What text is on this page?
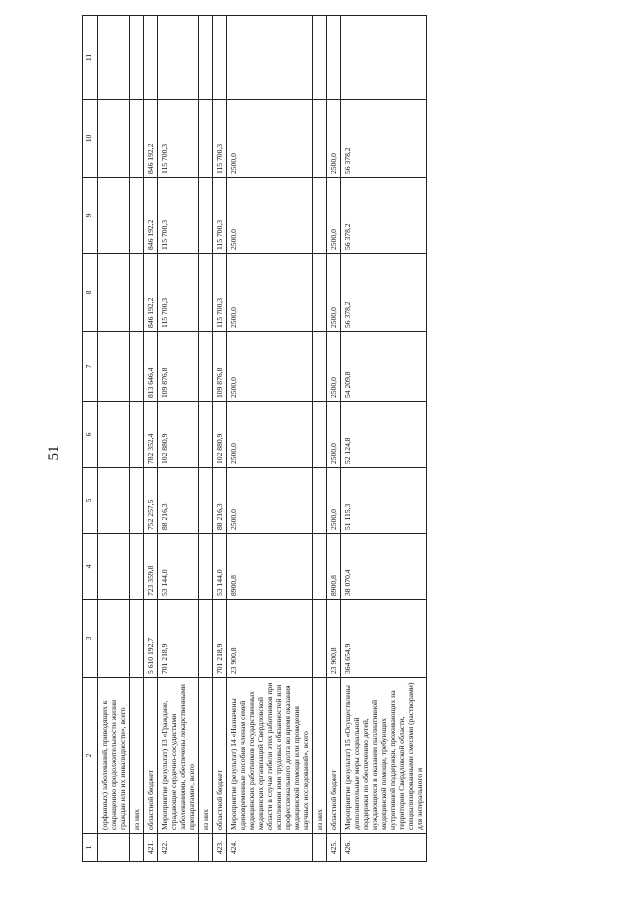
51
1	2	3	4	5	6	7	8	9	10	11
	(орфанных) заболеваний, приводящих к сокращению продолжительности жизни граждан или их инвалидности», всего									
	из них									
421.	областной бюджет	5 610 192,7	723 359,8	752 257,5	782 352,4	813 646,4	846 192,2	846 192,2	846 192,2	
422.	Мероприятие (результат) 13 «Граждане, страдающие сердечно-сосудистыми заболеваниями, обеспечены лекарственными препаратами», всего	701 218,9	53 144,0	88 216,3	102 880,9	109 876,8	115 700,3	115 700,3	115 700,3	
	из них									
423.	областной бюджет	701 218,9	53 144,0	88 216,3	102 880,9	109 876,8	115 700,3	115 700,3	115 700,3	
424.	Мероприятие (результат) 14 «Назначены единовременные пособия членам семей медицинских работников государственных медицинских организаций Свердловской области в случае гибели этих работников при исполнении ими трудовых обязанностей или профессионального долга во время оказания медицинской помощи или проведения научных исследований», всего	23 900,8	8900,8	2500,0	2500,0	2500,0	2500,0	2500,0	2500,0	
	из них									
425.	областной бюджет	23 900,8	8900,8	2500,0	2500,0	2500,0	2500,0	2500,0	2500,0	
426.	Мероприятие (результат) 15 «Осуществлены дополнительные меры социальной поддержки по обеспечению детей, нуждающихся в оказании паллиативной медицинской помощи, требующих нутритивной поддержки, проживающих на территории Свердловской области, специализированными смесями (растворами) для энтерального и	364 654,9	38 070,4	51 115,3	52 124,8	54 209,8	56 378,2	56 378,2	56 378,2	
